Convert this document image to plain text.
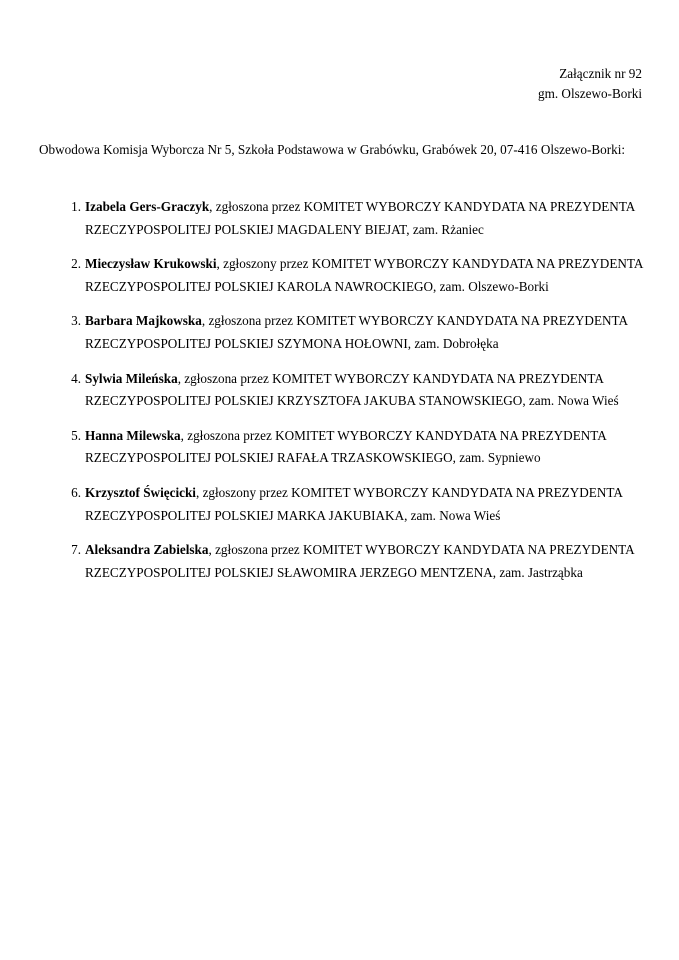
Załącznik nr 92
gm. Olszewo-Borki

Obwodowa Komisja Wyborcza Nr 5, Szkoła Podstawowa w Grabówku, Grabówek 20, 07-416 Olszewo-Borki:

1. Izabela Gers-Graczyk, zgłoszona przez KOMITET WYBORCZY KANDYDATA NA PREZYDENTA RZECZYPOSPOLITEJ POLSKIEJ MAGDALENY BIEJAT, zam. Rżaniec
2. Mieczysław Krukowski, zgłoszony przez KOMITET WYBORCZY KANDYDATA NA PREZYDENTA RZECZYPOSPOLITEJ POLSKIEJ KAROLA NAWROCKIEGO, zam. Olszewo-Borki
3. Barbara Majkowska, zgłoszona przez KOMITET WYBORCZY KANDYDATA NA PREZYDENTA RZECZYPOSPOLITEJ POLSKIEJ SZYMONA HOŁOWNI, zam. Dobrołęka
4. Sylwia Mileńska, zgłoszona przez KOMITET WYBORCZY KANDYDATA NA PREZYDENTA RZECZYPOSPOLITEJ POLSKIEJ KRZYSZTOFA JAKUBA STANOWSKIEGO, zam. Nowa Wieś
5. Hanna Milewska, zgłoszona przez KOMITET WYBORCZY KANDYDATA NA PREZYDENTA RZECZYPOSPOLITEJ POLSKIEJ RAFAŁA TRZASKOWSKIEGO, zam. Sypniewo
6. Krzysztof Święcicki, zgłoszony przez KOMITET WYBORCZY KANDYDATA NA PREZYDENTA RZECZYPOSPOLITEJ POLSKIEJ MARKA JAKUBIAKA, zam. Nowa Wieś
7. Aleksandra Zabielska, zgłoszona przez KOMITET WYBORCZY KANDYDATA NA PREZYDENTA RZECZYPOSPOLITEJ POLSKIEJ SŁAWOMIRA JERZEGO MENTZENA, zam. Jastrząbka
